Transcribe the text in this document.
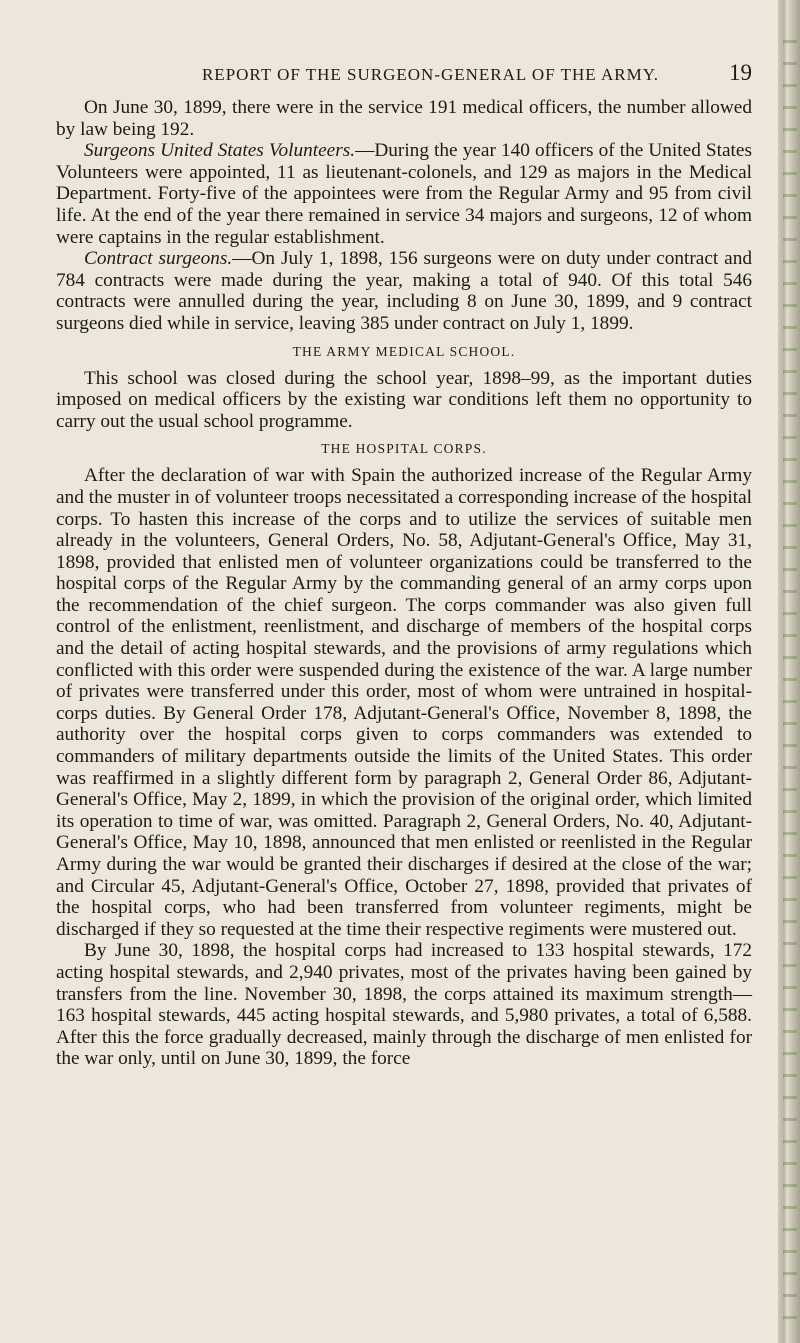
REPORT OF THE SURGEON-GENERAL OF THE ARMY.	19

On June 30, 1899, there were in the service 191 medical officers, the number allowed by law being 192.

Surgeons United States Volunteers.—During the year 140 officers of the United States Volunteers were appointed, 11 as lieutenant-colonels, and 129 as majors in the Medical Department. Forty-five of the appointees were from the Regular Army and 95 from civil life. At the end of the year there remained in service 34 majors and surgeons, 12 of whom were captains in the regular establishment.

Contract surgeons.—On July 1, 1898, 156 surgeons were on duty under contract and 784 contracts were made during the year, making a total of 940. Of this total 546 contracts were annulled during the year, including 8 on June 30, 1899, and 9 contract surgeons died while in service, leaving 385 under contract on July 1, 1899.

THE ARMY MEDICAL SCHOOL.

This school was closed during the school year, 1898–99, as the important duties imposed on medical officers by the existing war conditions left them no opportunity to carry out the usual school programme.

THE HOSPITAL CORPS.

After the declaration of war with Spain the authorized increase of the Regular Army and the muster in of volunteer troops necessitated a corresponding increase of the hospital corps. To hasten this increase of the corps and to utilize the services of suitable men already in the volunteers, General Orders, No. 58, Adjutant-General's Office, May 31, 1898, provided that enlisted men of volunteer organizations could be transferred to the hospital corps of the Regular Army by the commanding general of an army corps upon the recommendation of the chief surgeon. The corps commander was also given full control of the enlistment, reenlistment, and discharge of members of the hospital corps and the detail of acting hospital stewards, and the provisions of army regulations which conflicted with this order were suspended during the existence of the war. A large number of privates were transferred under this order, most of whom were untrained in hospital-corps duties. By General Order 178, Adjutant-General's Office, November 8, 1898, the authority over the hospital corps given to corps commanders was extended to commanders of military departments outside the limits of the United States. This order was reaffirmed in a slightly different form by paragraph 2, General Order 86, Adjutant-General's Office, May 2, 1899, in which the provision of the original order, which limited its operation to time of war, was omitted. Paragraph 2, General Orders, No. 40, Adjutant-General's Office, May 10, 1898, announced that men enlisted or reenlisted in the Regular Army during the war would be granted their discharges if desired at the close of the war; and Circular 45, Adjutant-General's Office, October 27, 1898, provided that privates of the hospital corps, who had been transferred from volunteer regiments, might be discharged if they so requested at the time their respective regiments were mustered out.

By June 30, 1898, the hospital corps had increased to 133 hospital stewards, 172 acting hospital stewards, and 2,940 privates, most of the privates having been gained by transfers from the line. November 30, 1898, the corps attained its maximum strength—163 hospital stewards, 445 acting hospital stewards, and 5,980 privates, a total of 6,588. After this the force gradually decreased, mainly through the discharge of men enlisted for the war only, until on June 30, 1899, the force
